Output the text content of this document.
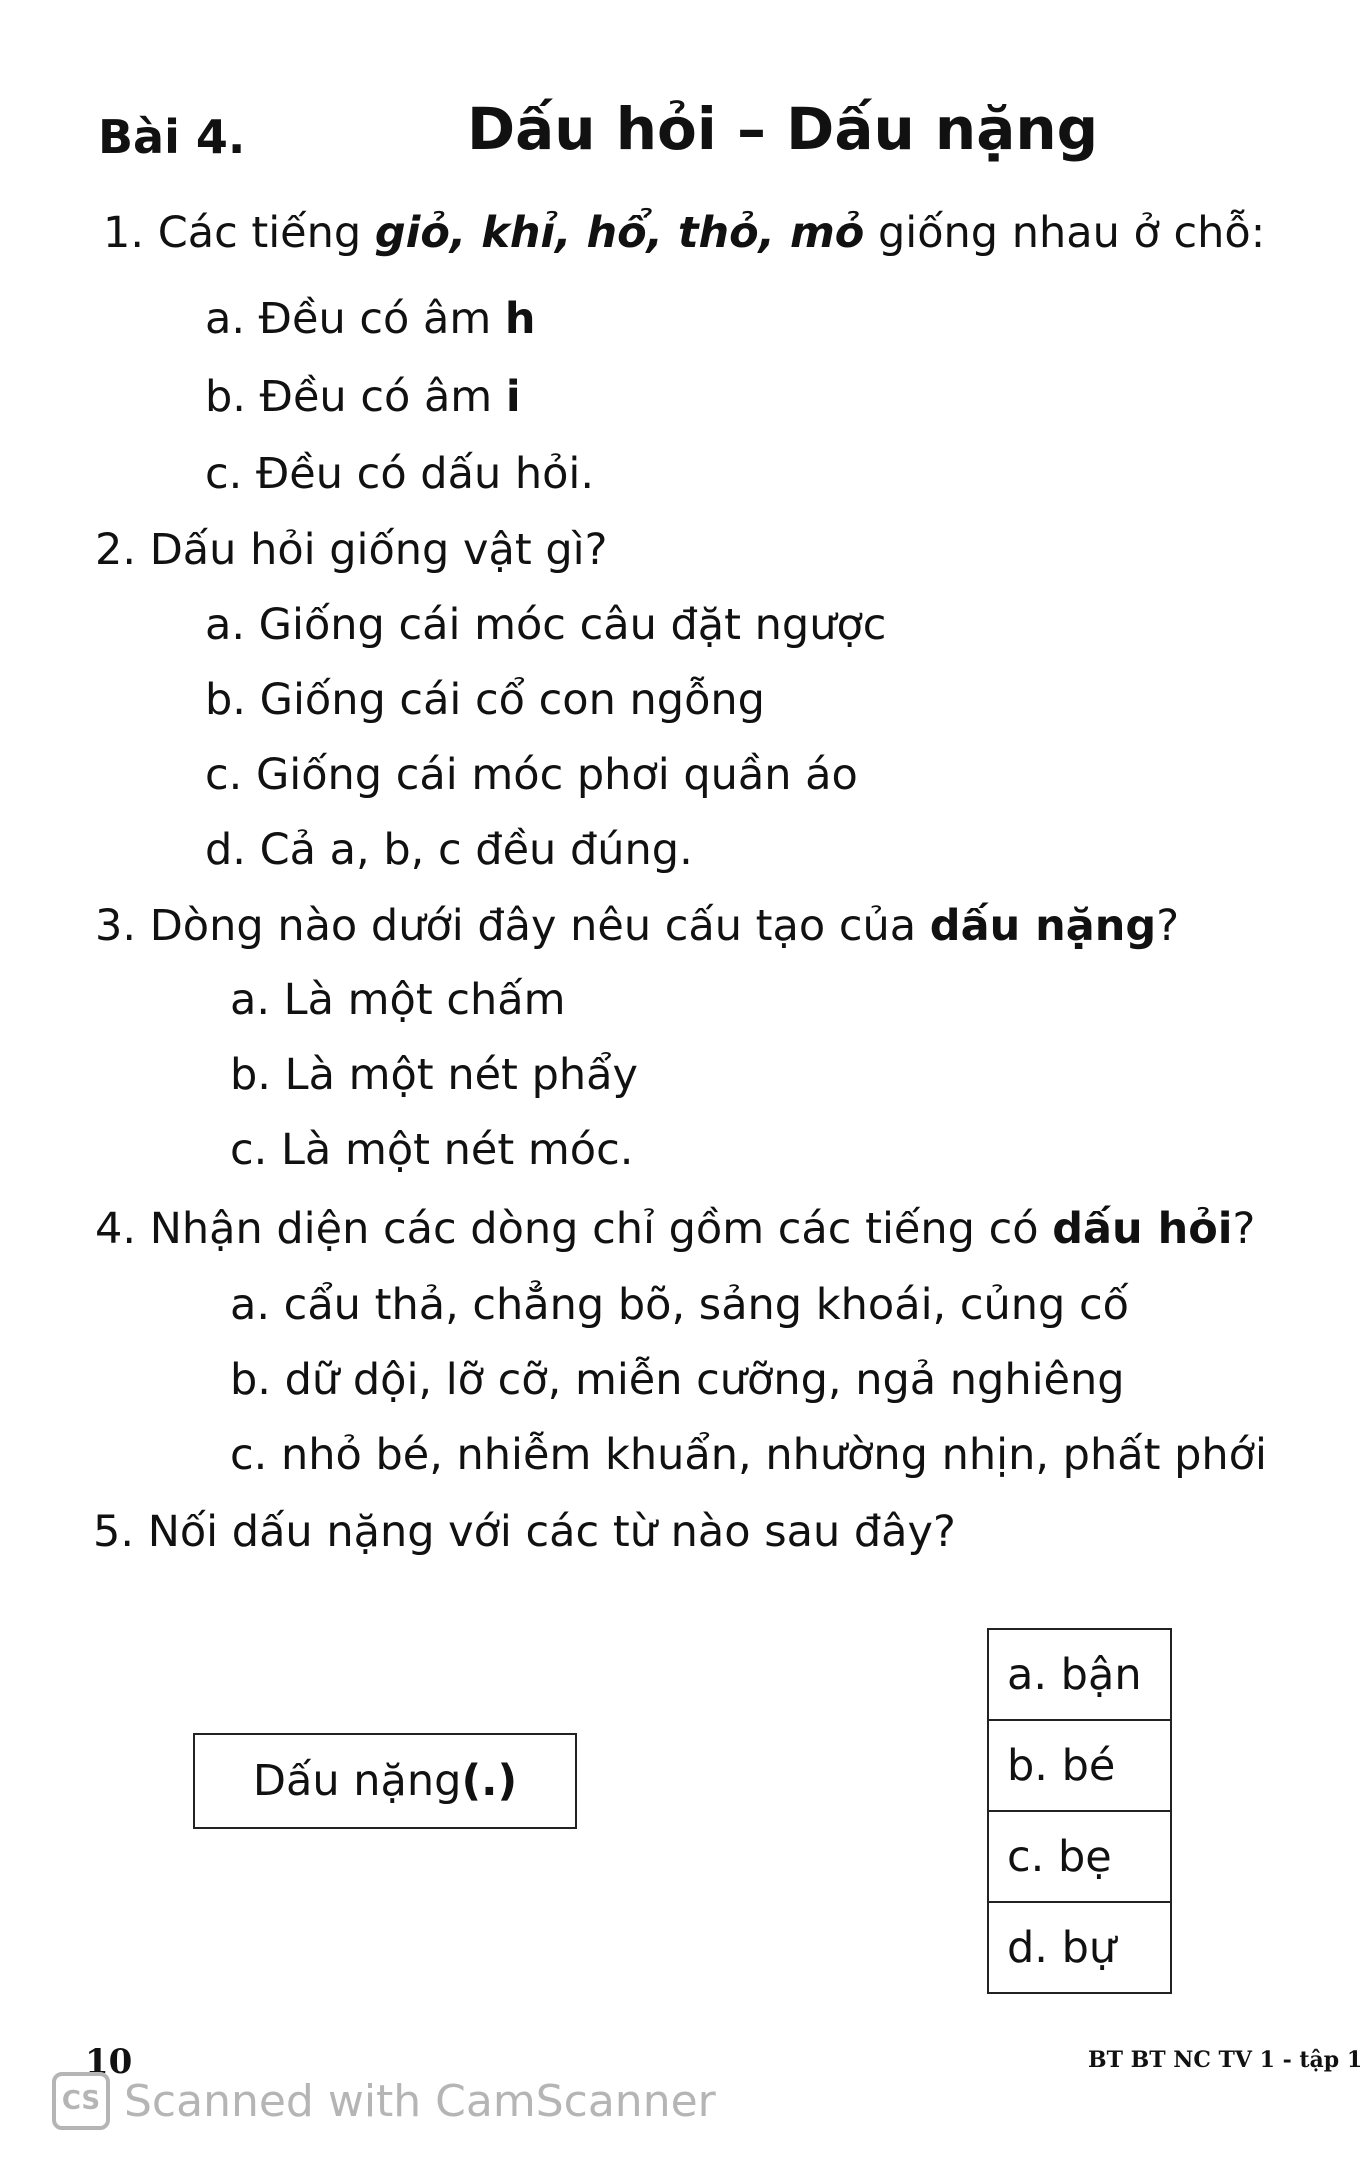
Bài 4.	Dấu hỏi – Dấu nặng
1. Các tiếng giỏ, khỉ, hổ, thỏ, mỏ giống nhau ở chỗ:
a. Đều có âm h
b. Đều có âm i
c. Đều có dấu hỏi.
2. Dấu hỏi giống vật gì?
a. Giống cái móc câu đặt ngược
b. Giống cái cổ con ngỗng
c. Giống cái móc phơi quần áo
d. Cả a, b, c đều đúng.
3. Dòng nào dưới đây nêu cấu tạo của dấu nặng?
a. Là một chấm
b. Là một nét phẩy
c. Là một nét móc.
4. Nhận diện các dòng chỉ gồm các tiếng có dấu hỏi?
a. cẩu thả, chẳng bõ, sảng khoái, củng cố
b. dữ dội, lỡ cỡ, miễn cưỡng, ngả nghiêng
c. nhỏ bé, nhiễm khuẩn, nhường nhịn, phất phới
5. Nối dấu nặng với các từ nào sau đây?
Dấu nặng (.)
a. bận
b. bé
c. bẹ
d. bự
10	BT BT NC TV 1 - tập 1
CS Scanned with CamScanner
